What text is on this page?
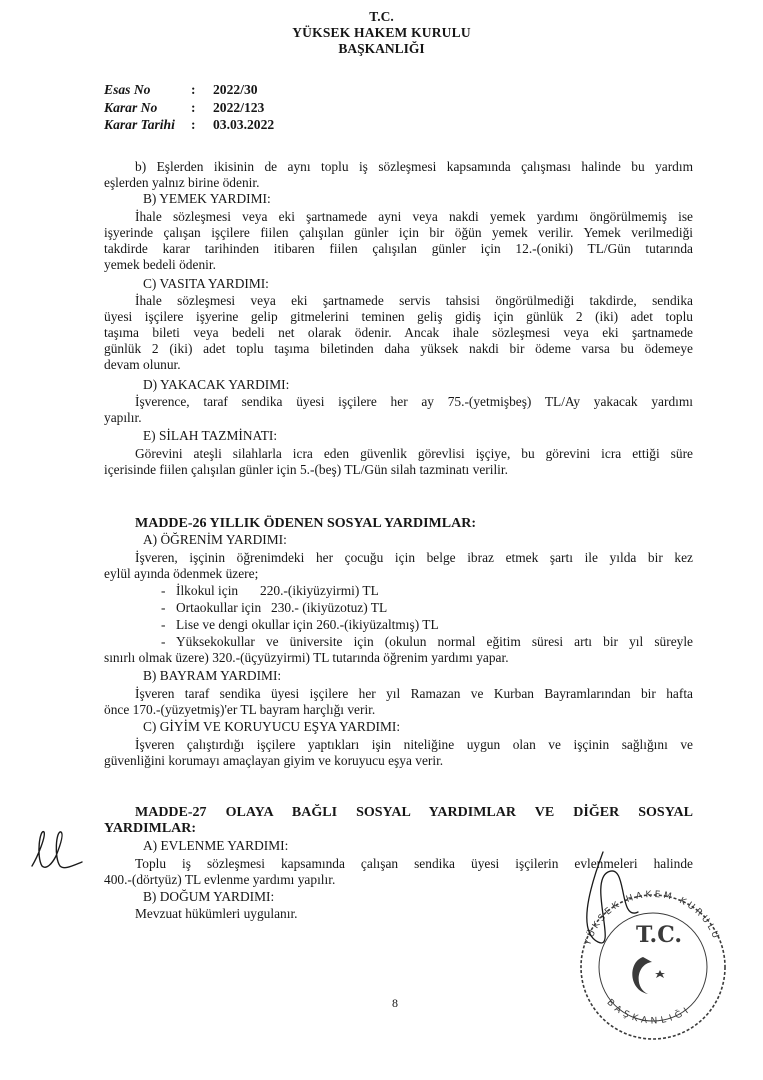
T.C.
YÜKSEK HAKEM KURULU
BAŞKANLIĞI
Esas No	: 2022/30
Karar No : 2022/123
Karar Tarihi : 03.03.2022
b) Eşlerden ikisinin de aynı toplu iş sözleşmesi kapsamında çalışması halinde bu yardım
eşlerden yalnız birine ödenir.
B) YEMEK YARDIMI:
İhale sözleşmesi veya eki şartnamede ayni veya nakdi yemek yardımı öngörülmemiş ise
işyerinde çalışan işçilere fiilen çalışılan günler için bir öğün yemek verilir. Yemek verilmediği
takdirde karar tarihinden itibaren fiilen çalışılan günler için 12.-(oniki) TL/Gün tutarında
yemek bedeli ödenir.
C) VASITA YARDIMI:
İhale sözleşmesi veya eki şartnamede servis tahsisi öngörülmediği takdirde, sendika
üyesi işçilere işyerine gelip gitmelerini teminen geliş gidiş için günlük 2 (iki) adet toplu
taşıma bileti veya bedeli net olarak ödenir. Ancak ihale sözleşmesi veya eki şartnamede
günlük 2 (iki) adet toplu taşıma biletinden daha yüksek nakdi bir ödeme varsa bu ödemeye
devam olunur.
D) YAKACAK YARDIMI:
İşverence, taraf sendika üyesi işçilere her ay 75.-(yetmişbeş) TL/Ay yakacak yardımı
yapılır.
E) SİLAH TAZMİNATI:
Görevini ateşli silahlarla icra eden güvenlik görevlisi işçiye, bu görevini icra ettiği süre
içerisinde fiilen çalışılan günler için 5.-(beş) TL/Gün silah tazminatı verilir.
MADDE-26 YILLIK ÖDENEN SOSYAL YARDIMLAR:
A) ÖĞRENİM YARDIMI:
İşveren, işçinin öğrenimdeki her çocuğu için belge ibraz etmek şartı ile yılda bir kez
eylül ayında ödenmek üzere;
- İlkokul için 220.-(ikiyüzyirmi) TL
- Ortaokullar için 230.- (ikiyüzotuz) TL
- Lise ve dengi okullar için 260.-(ikiyüzaltmış) TL
- Yüksekokullar ve üniversite için (okulun normal eğitim süresi artı bir yıl süreyle
sınırlı olmak üzere) 320.-(üçyüzyirmi) TL tutarında öğrenim yardımı yapar.
B) BAYRAM YARDIMI:
İşveren taraf sendika üyesi işçilere her yıl Ramazan ve Kurban Bayramlarından bir hafta
önce 170.-(yüzyetmiş)'er TL bayram harçlığı verir.
C) GİYİM VE KORUYUCU EŞYA YARDIMI:
İşveren çalıştırdığı işçilere yaptıkları işin niteliğine uygun olan ve işçinin sağlığını ve
güvenliğini korumayı amaçlayan giyim ve koruyucu eşya verir.
MADDE-27 OLAYA BAĞLI SOSYAL YARDIMLAR VE DİĞER SOSYAL
YARDIMLAR:
A) EVLENME YARDIMI:
Toplu iş sözleşmesi kapsamında çalışan sendika üyesi işçilerin evlenmeleri halinde
400.-(dörtyüz) TL evlenme yardımı yapılır.
B) DOĞUM YARDIMI:
Mevzuat hükümleri uygulanır.
8
YÜKSEK HAKEM KURULU
BAŞKANLIĞI
T.C.
